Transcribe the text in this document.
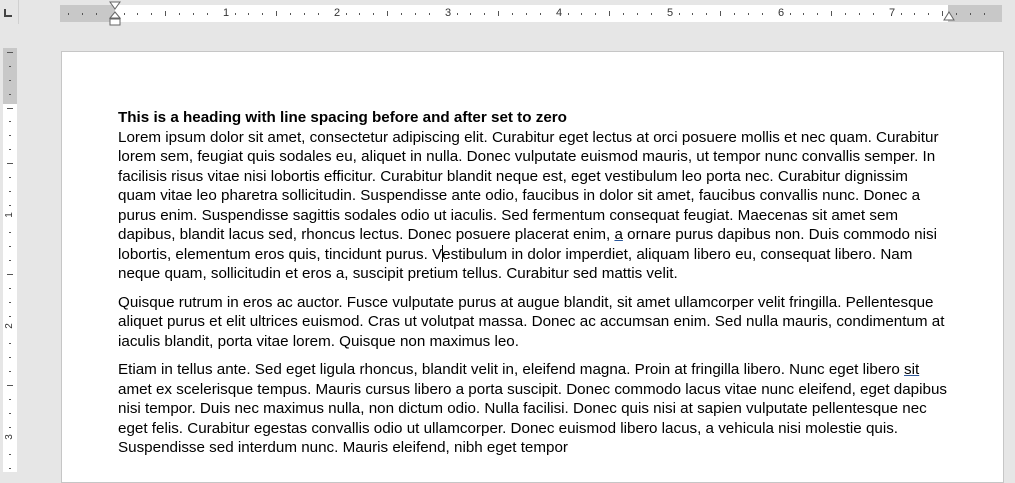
1	2	3	4	5	6	7
1
2
3
This is a heading with line spacing before and after set to zero

Lorem ipsum dolor sit amet, consectetur adipiscing elit. Curabitur eget lectus at orci posuere mollis et nec quam. Curabitur lorem sem, feugiat quis sodales eu, aliquet in nulla. Donec vulputate euismod mauris, ut tempor nunc convallis semper. In facilisis risus vitae nisi lobortis efficitur. Curabitur blandit neque est, eget vestibulum leo porta nec. Curabitur dignissim quam vitae leo pharetra sollicitudin. Suspendisse ante odio, faucibus in dolor sit amet, faucibus convallis nunc. Donec a purus enim. Suspendisse sagittis sodales odio ut iaculis. Sed fermentum consequat feugiat. Maecenas sit amet sem dapibus, blandit lacus sed, rhoncus lectus. Donec posuere placerat enim, a ornare purus dapibus non. Duis commodo nisi lobortis, elementum eros quis, tincidunt purus. Vestibulum in dolor imperdiet, aliquam libero eu, consequat libero. Nam neque quam, sollicitudin et eros a, suscipit pretium tellus. Curabitur sed mattis velit.

Quisque rutrum in eros ac auctor. Fusce vulputate purus at augue blandit, sit amet ullamcorper velit fringilla. Pellentesque aliquet purus et elit ultrices euismod. Cras ut volutpat massa. Donec ac accumsan enim. Sed nulla mauris, condimentum at iaculis blandit, porta vitae lorem. Quisque non maximus leo.

Etiam in tellus ante. Sed eget ligula rhoncus, blandit velit in, eleifend magna. Proin at fringilla libero. Nunc eget libero sit amet ex scelerisque tempus. Mauris cursus libero a porta suscipit. Donec commodo lacus vitae nunc eleifend, eget dapibus nisi tempor. Duis nec maximus nulla, non dictum odio. Nulla facilisi. Donec quis nisi at sapien vulputate pellentesque nec eget felis. Curabitur egestas convallis odio ut ullamcorper. Donec euismod libero lacus, a vehicula nisi molestie quis. Suspendisse sed interdum nunc. Mauris eleifend, nibh eget tempor
